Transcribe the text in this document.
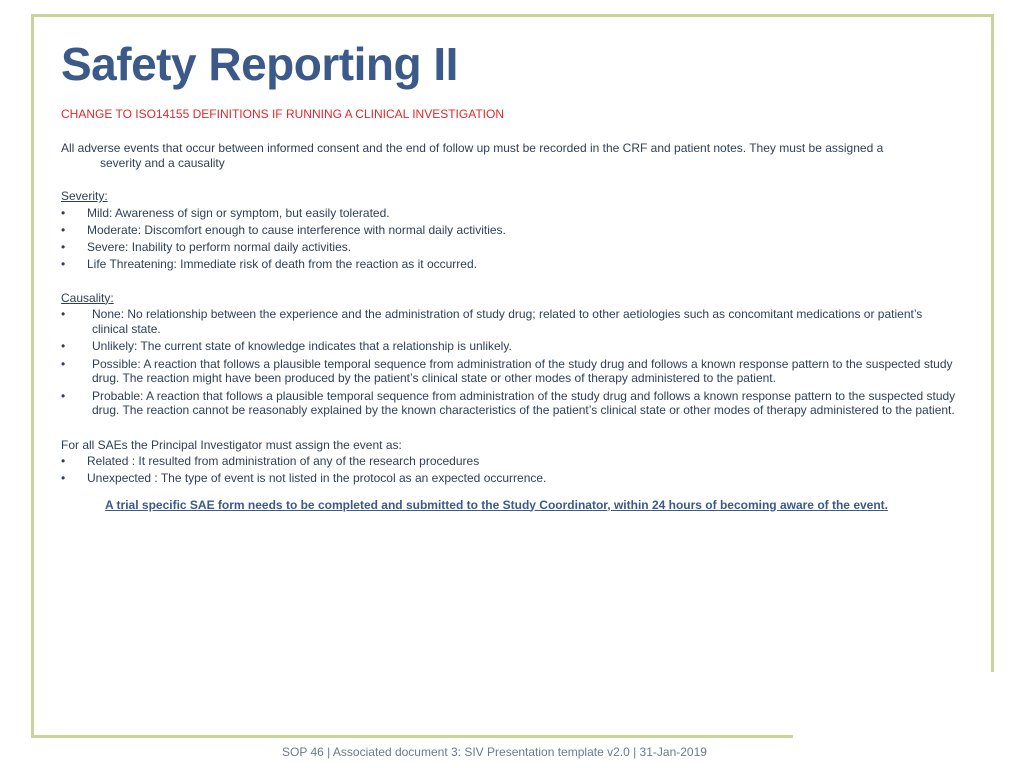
Safety Reporting II
CHANGE TO ISO14155 DEFINITIONS IF RUNNING A CLINICAL INVESTIGATION

All adverse events that occur between informed consent and the end of follow up must be recorded in the CRF and patient notes. They must be assigned a
severity and a causality

Severity:
• Mild: Awareness of sign or symptom, but easily tolerated.
• Moderate: Discomfort enough to cause interference with normal daily activities.
• Severe: Inability to perform normal daily activities.
• Life Threatening: Immediate risk of death from the reaction as it occurred.
Causality:
• None: No relationship between the experience and the administration of study drug; related to other aetiologies such as concomitant medications or patient’s clinical state.
• Unlikely: The current state of knowledge indicates that a relationship is unlikely.
• Possible: A reaction that follows a plausible temporal sequence from administration of the study drug and follows a known response pattern to the suspected study drug. The reaction might have been produced by the patient’s clinical state or other modes of therapy administered to the patient.
• Probable: A reaction that follows a plausible temporal sequence from administration of the study drug and follows a known response pattern to the suspected study drug. The reaction cannot be reasonably explained by the known characteristics of the patient’s clinical state or other modes of therapy administered to the patient.
For all SAEs the Principal Investigator must assign the event as:
• Related : It resulted from administration of any of the research procedures
• Unexpected : The type of event is not listed in the protocol as an expected occurrence.
A trial specific SAE form needs to be completed and submitted to the Study Coordinator, within 24 hours of becoming aware of the event.
SOP 46 | Associated document 3: SIV Presentation template v2.0 | 31-Jan-2019
